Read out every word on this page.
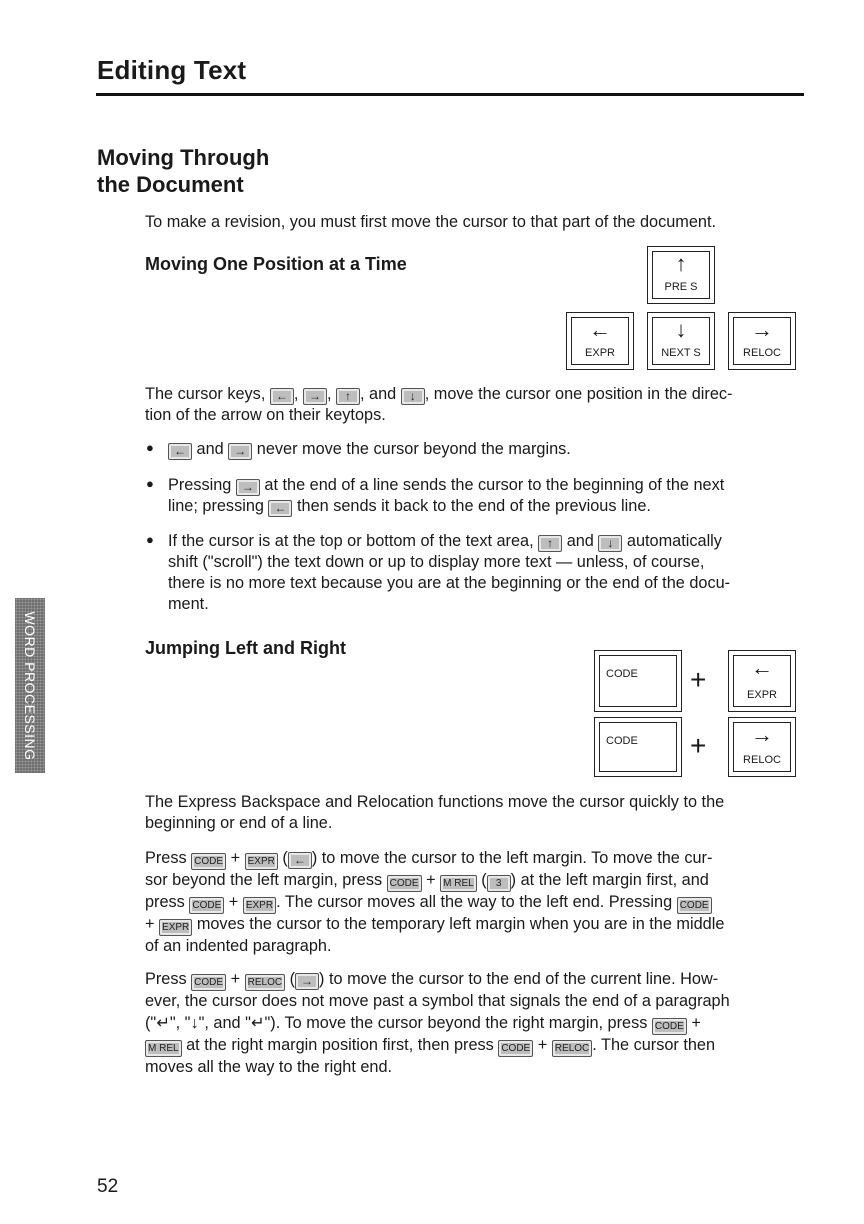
Editing Text
Moving Through
the Document
To make a revision, you must first move the cursor to that part of the document.
Moving One Position at a Time	↑
PRE S
←
EXPR
↓
NEXT S
→
RELOC
The cursor keys, ← , → , ↑ , and ↓ , move the cursor one position in the direc-
tion of the arrow on their keytops.
●	← and → never move the cursor beyond the margins.
● Pressing → at the end of a line sends the cursor to the beginning of the next
line; pressing ← then sends it back to the end of the previous line.
● If the cursor is at the top or bottom of the text area, ↑ and ↓ automatically
shift ("scroll") the text down or up to display more text — unless, of course,
there is no more text because you are at the beginning or the end of the docu-
ment.
WORD PROCESSING	Jumping Left and Right
CODE +	←
EXPR
CODE +	→
RELOC
The Express Backspace and Relocation functions move the cursor quickly to the
beginning or end of a line.
Press CODE + EXPR ( ← ) to move the cursor to the left margin. To move the cur-
sor beyond the left margin, press CODE + M REL ( 3 ) at the left margin first, and
press CODE + EXPR . The cursor moves all the way to the left end. Pressing CODE
+ EXPR moves the cursor to the temporary left margin when you are in the middle
of an indented paragraph.
Press CODE + RELOC ( → ) to move the cursor to the end of the current line. How-
ever, the cursor does not move past a symbol that signals the end of a paragraph
("↵", "↓", and "↵"). To move the cursor beyond the right margin, press CODE +
M REL at the right margin position first, then press CODE + RELOC . The cursor then
moves all the way to the right end.
52
